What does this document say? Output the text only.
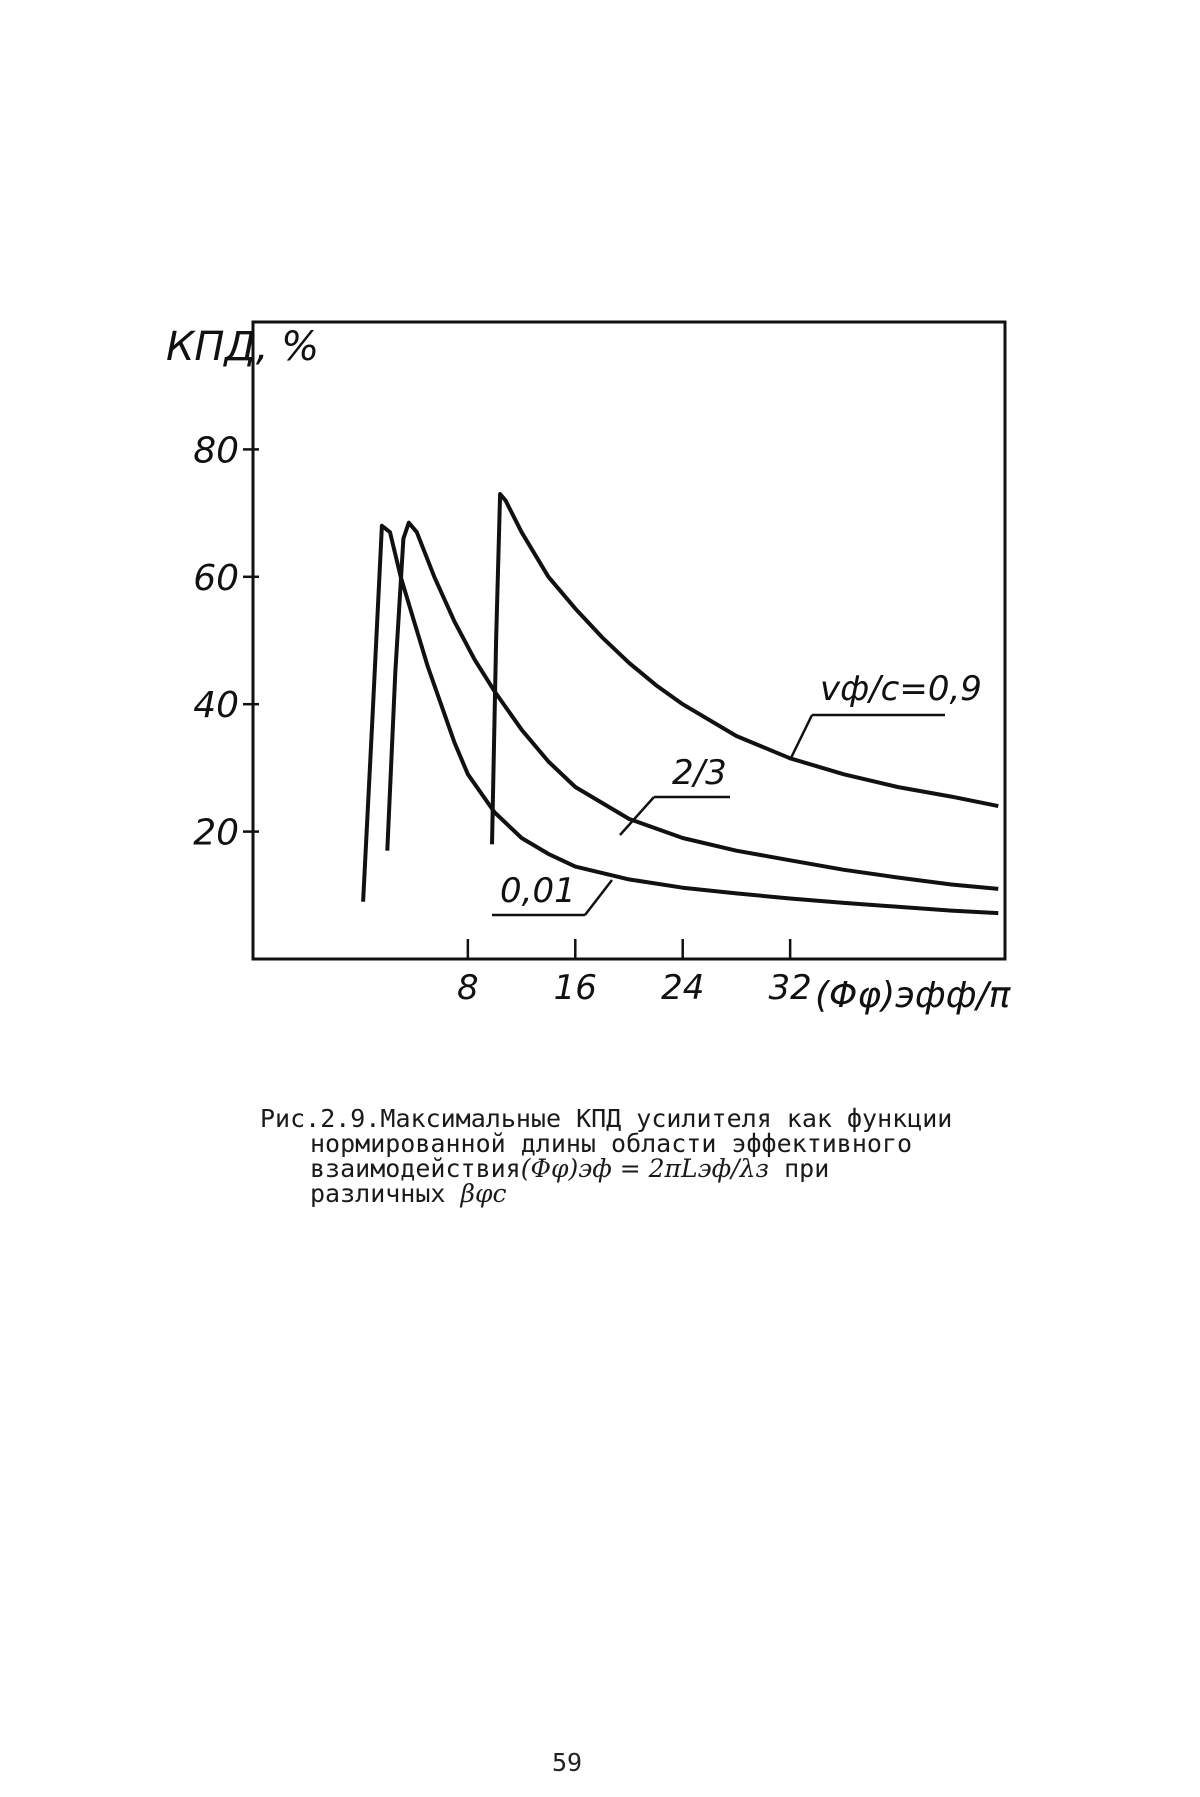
КПД, %
(Φφ)эфф/π
20
40
60
80
8 16 24 32
vф/c=0,9
2/3
0,01
Рис.2.9.Максимальные КПД усилителя как функции
нормированной длины области эффективного
взаимодействия(Φφ)эф = 2πLэф/λз при
различных βφc
59
